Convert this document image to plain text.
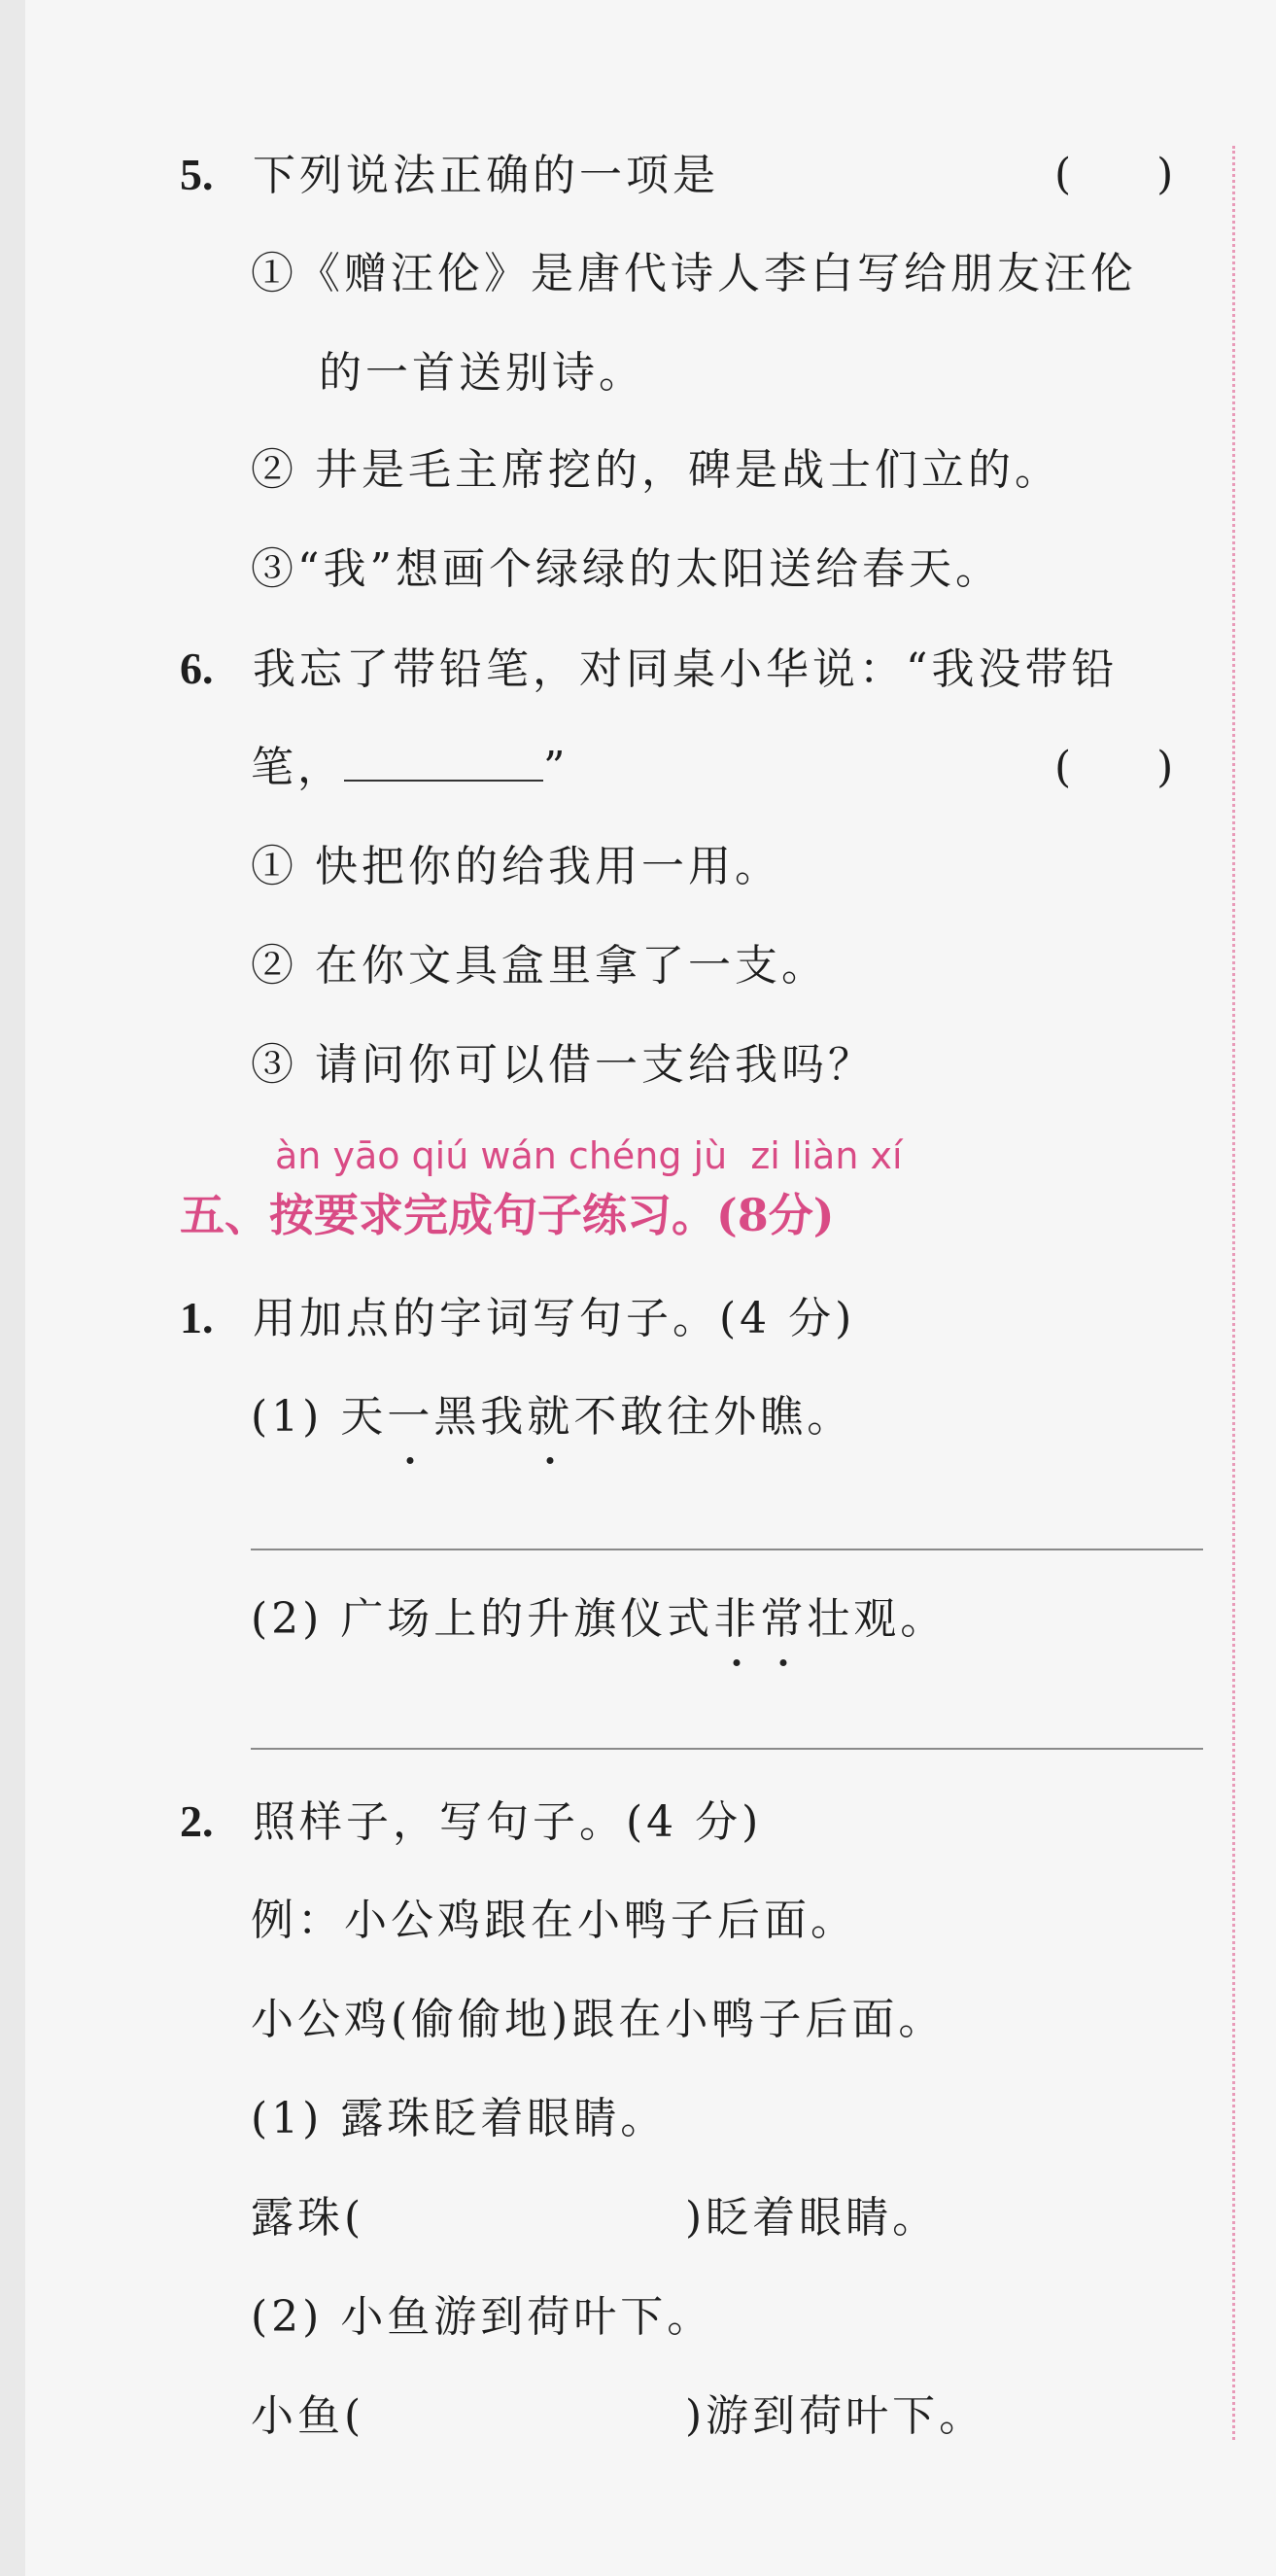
5. 下列说法正确的一项是	(　　)
①《赠汪伦》是唐代诗人李白写给朋友汪伦
的一首送别诗。
② 井是毛主席挖的，碑是战士们立的。
③“我”想画个绿绿的太阳送给春天。
6. 我忘了带铅笔，对同桌小华说：“我没带铅
笔，	”	(　　)
① 快把你的给我用一用。
② 在你文具盒里拿了一支。
③ 请问你可以借一支给我吗？
àn yāo qiú wán chéng jù  zi liàn xí
五、按要求完成句子练习。(8分)
1. 用加点的字词写句子。(4 分)
(1) 天一黑我就不敢往外瞧。
(2) 广场上的升旗仪式非常壮观。
2. 照样子，写句子。(4 分)
例：小公鸡跟在小鸭子后面。
小公鸡(偷偷地)跟在小鸭子后面。
(1) 露珠眨着眼睛。
露珠(	)眨着眼睛。
(2) 小鱼游到荷叶下。
小鱼(	)游到荷叶下。
